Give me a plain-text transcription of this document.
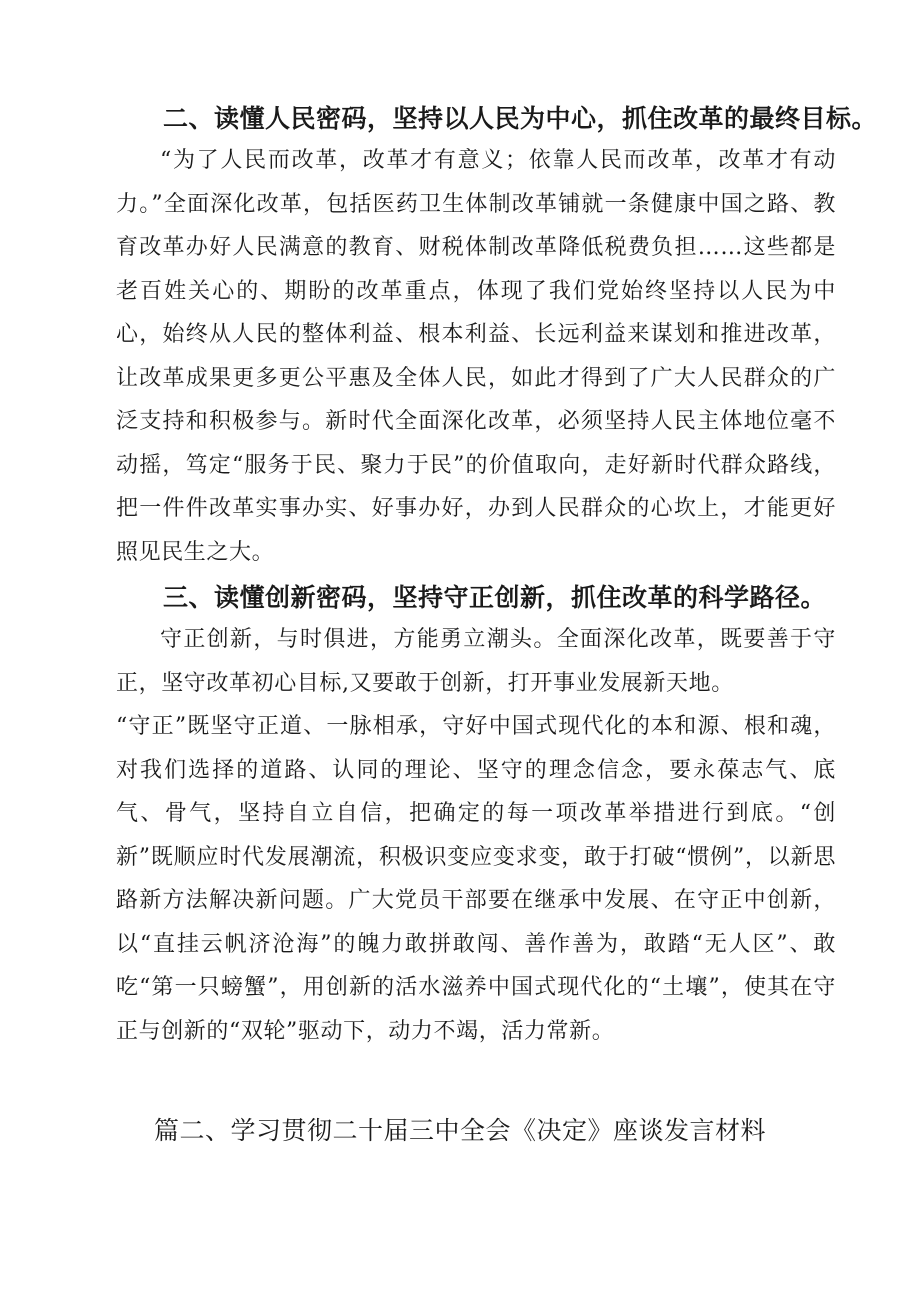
二、读懂人民密码，坚持以人民为中心，抓住改革的最终目标。
“为了人民而改革，改革才有意义；依靠人民而改革，改革才有动力。”全面深化改革，包括医药卫生体制改革铺就一条健康中国之路、教育改革办好人民满意的教育、财税体制改革降低税费负担……这些都是老百姓关心的、期盼的改革重点，体现了我们党始终坚持以人民为中心，始终从人民的整体利益、根本利益、长远利益来谋划和推进改革，让改革成果更多更公平惠及全体人民，如此才得到了广大人民群众的广泛支持和积极参与。新时代全面深化改革，必须坚持人民主体地位毫不动摇，笃定“服务于民、聚力于民”的价值取向，走好新时代群众路线，把一件件改革实事办实、好事办好，办到人民群众的心坎上，才能更好照见民生之大。
三、读懂创新密码，坚持守正创新，抓住改革的科学路径。
守正创新，与时俱进，方能勇立潮头。全面深化改革，既要善于守正，坚守改革初心目标,又要敢于创新，打开事业发展新天地。
“守正”既坚守正道、一脉相承，守好中国式现代化的本和源、根和魂，对我们选择的道路、认同的理论、坚守的理念信念，要永葆志气、底气、骨气，坚持自立自信，把确定的每一项改革举措进行到底。“创新”既顺应时代发展潮流，积极识变应变求变，敢于打破“惯例”，以新思路新方法解决新问题。广大党员干部要在继承中发展、在守正中创新，以“直挂云帆济沧海”的魄力敢拼敢闯、善作善为，敢踏“无人区”、敢吃“第一只螃蟹”，用创新的活水滋养中国式现代化的“土壤”，使其在守正与创新的“双轮”驱动下，动力不竭，活力常新。
篇二、学习贯彻二十届三中全会《决定》座谈发言材料
